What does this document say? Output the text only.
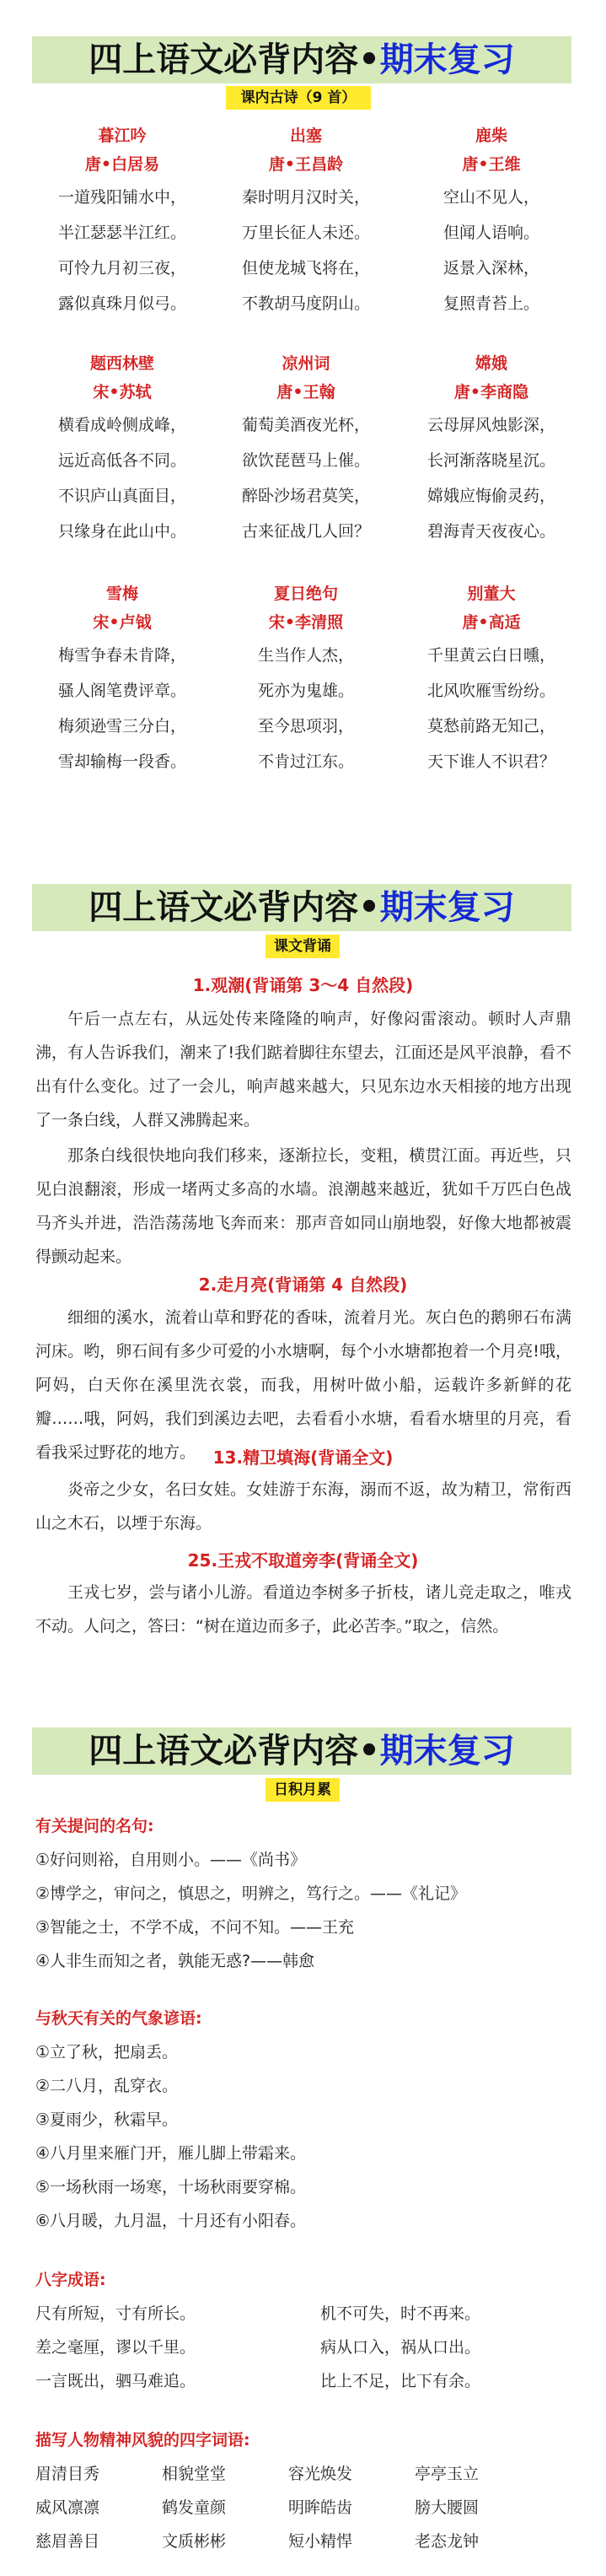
四上语文必背内容•期末复习
课内古诗（9 首）
暮江吟
唐•白居易
一道残阳铺水中，
半江瑟瑟半江红。
可怜九月初三夜，
露似真珠月似弓。
出塞
唐•王昌龄
秦时明月汉时关，
万里长征人未还。
但使龙城飞将在，
不教胡马度阴山。
鹿柴
唐•王维
空山不见人，
但闻人语响。
返景入深林，
复照青苔上。
题西林壁
宋•苏轼
横看成岭侧成峰，
远近高低各不同。
不识庐山真面目，
只缘身在此山中。
凉州词
唐•王翰
葡萄美酒夜光杯，
欲饮琵琶马上催。
醉卧沙场君莫笑，
古来征战几人回？
嫦娥
唐•李商隐
云母屏风烛影深，
长河渐落晓星沉。
嫦娥应悔偷灵药，
碧海青天夜夜心。
雪梅
宋•卢钺
梅雪争春未肯降，
骚人阁笔费评章。
梅须逊雪三分白，
雪却输梅一段香。
夏日绝句
宋•李清照
生当作人杰，
死亦为鬼雄。
至今思项羽，
不肯过江东。
别董大
唐•高适
千里黄云白日曛，
北风吹雁雪纷纷。
莫愁前路无知己，
天下谁人不识君？
四上语文必背内容•期末复习
课文背诵
1.观潮(背诵第 3～4 自然段)

午后一点左右，从远处传来隆隆的响声，好像闷雷滚动。顿时人声鼎沸，有人告诉我们，潮来了!我们踮着脚往东望去，江面还是风平浪静，看不出有什么变化。过了一会儿，响声越来越大，只见东边水天相接的地方出现了一条白线，人群又沸腾起来。

那条白线很快地向我们移来，逐渐拉长，变粗，横贯江面。再近些，只见白浪翻滚，形成一堵两丈多高的水墙。浪潮越来越近，犹如千万匹白色战马齐头并进，浩浩荡荡地飞奔而来：那声音如同山崩地裂，好像大地都被震得颤动起来。

2.走月亮(背诵第 4 自然段)

细细的溪水，流着山草和野花的香味，流着月光。灰白色的鹅卵石布满河床。哟，卵石间有多少可爱的小水塘啊，每个小水塘都抱着一个月亮!哦，阿妈，白天你在溪里洗衣裳，而我，用树叶做小船，运载许多新鲜的花瓣……哦，阿妈，我们到溪边去吧，去看看小水塘，看看水塘里的月亮，看看我采过野花的地方。	13.精卫填海(背诵全文)

炎帝之少女，名曰女娃。女娃游于东海，溺而不返，故为精卫，常衔西山之木石，以堙于东海。

25.王戎不取道旁李(背诵全文)

王戎七岁，尝与诸小儿游。看道边李树多子折枝，诸儿竞走取之，唯戎不动。人问之，答曰：“树在道边而多子，此必苦李。”取之，信然。

四上语文必背内容•期末复习
日积月累
有关提问的名句:
①好问则裕，自用则小。——《尚书》
②博学之，审问之，慎思之，明辨之，笃行之。——《礼记》
③智能之士，不学不成，不问不知。——王充
④人非生而知之者，孰能无惑?——韩愈
与秋天有关的气象谚语:
①立了秋，把扇丢。
②二八月，乱穿衣。
③夏雨少，秋霜早。
④八月里来雁门开，雁儿脚上带霜来。
⑤一场秋雨一场寒，十场秋雨要穿棉。
⑥八月暖，九月温，十月还有小阳春。
八字成语:
尺有所短，寸有所长。	机不可失，时不再来。
差之毫厘，谬以千里。	病从口入，祸从口出。
一言既出，驷马难追。	比上不足，比下有余。
描写人物精神风貌的四字词语:
眉清目秀	相貌堂堂	容光焕发	亭亭玉立
威风凛凛	鹤发童颜	明眸皓齿	膀大腰圆
慈眉善目	文质彬彬	短小精悍	老态龙钟
